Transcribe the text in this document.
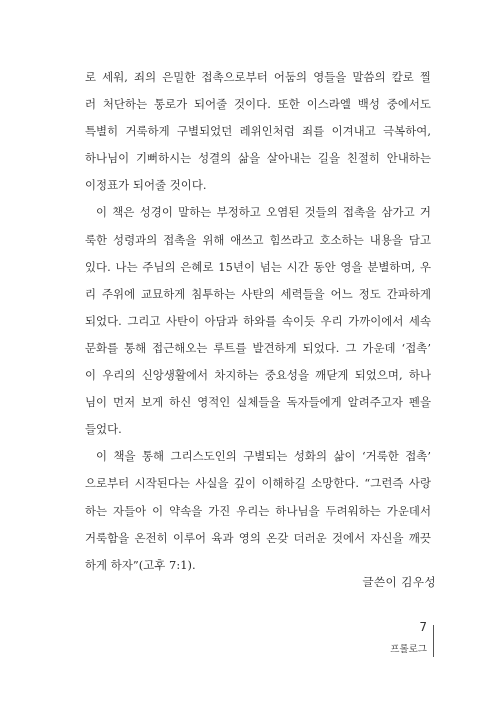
로 세워, 죄의 은밀한 접촉으로부터 어둠의 영들을 말씀의 칼로 찔
러 처단하는 통로가 되어줄 것이다. 또한 이스라엘 백성 중에서도
특별히 거룩하게 구별되었던 레위인처럼 죄를 이겨내고 극복하여,
하나님이 기뻐하시는 성결의 삶을 살아내는 길을 친절히 안내하는
이정표가 되어줄 것이다.
이 책은 성경이 말하는 부정하고 오염된 것들의 접촉을 삼가고 거
룩한 성령과의 접촉을 위해 애쓰고 힘쓰라고 호소하는 내용을 담고
있다. 나는 주님의 은혜로 15년이 넘는 시간 동안 영을 분별하며, 우
리 주위에 교묘하게 침투하는 사탄의 세력들을 어느 정도 간파하게
되었다. 그리고 사탄이 아담과 하와를 속이듯 우리 가까이에서 세속
문화를 통해 접근해오는 루트를 발견하게 되었다. 그 가운데 ‘접촉’
이 우리의 신앙생활에서 차지하는 중요성을 깨닫게 되었으며, 하나
님이 먼저 보게 하신 영적인 실체들을 독자들에게 알려주고자 펜을
들었다.
이 책을 통해 그리스도인의 구별되는 성화의 삶이 ‘거룩한 접촉’
으로부터 시작된다는 사실을 깊이 이해하길 소망한다. “그런즉 사랑
하는 자들아 이 약속을 가진 우리는 하나님을 두려워하는 가운데서
거룩함을 온전히 이루어 육과 영의 온갖 더러운 것에서 자신을 깨끗
하게 하자”(고후 7:1).
글쓴이 김우성
7
프롤로그
